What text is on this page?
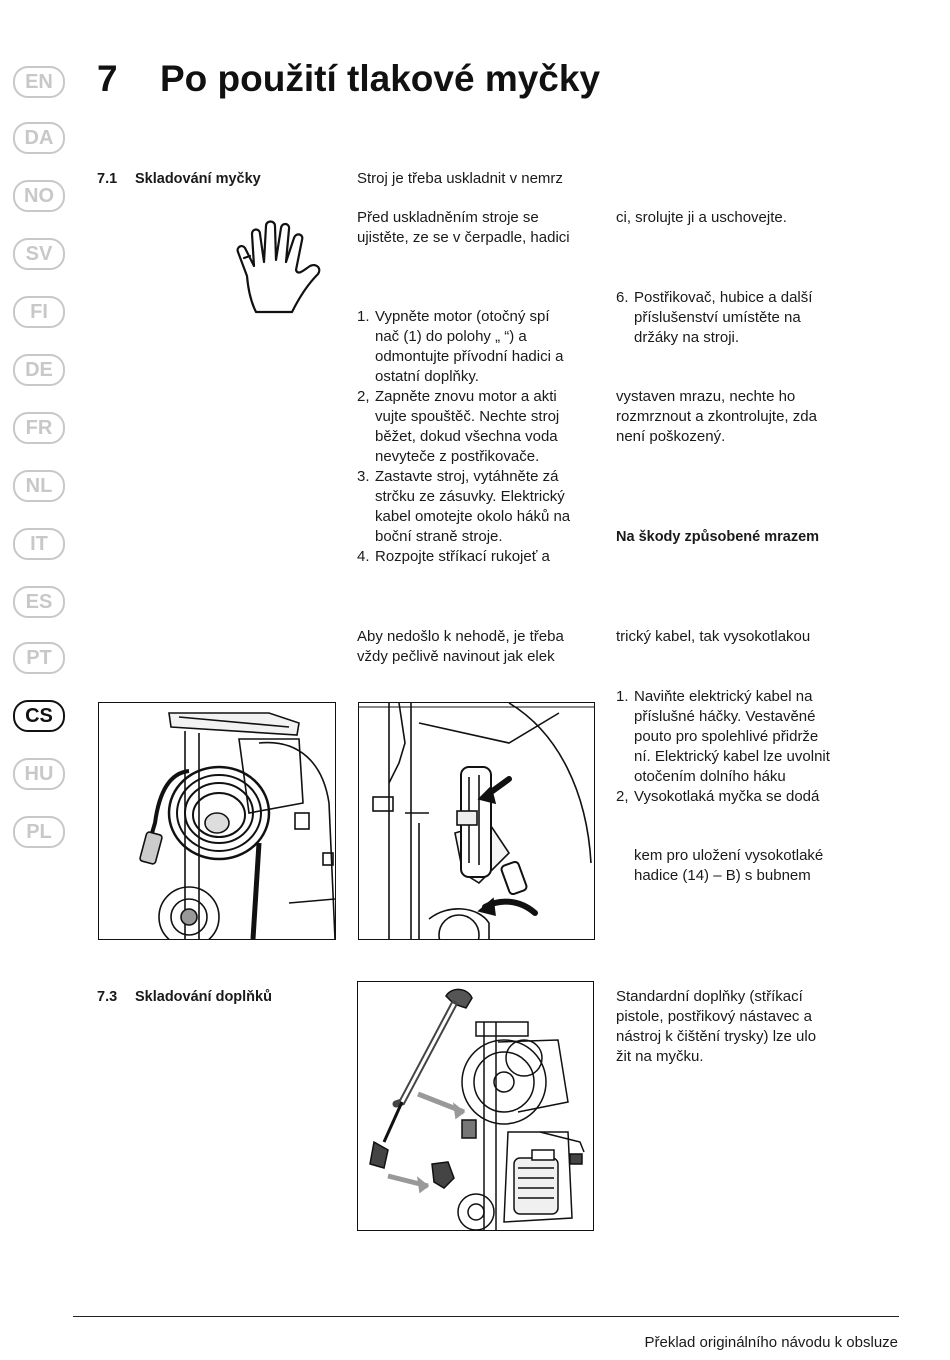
EN
DA
NO
SV
FI
DE
FR
NL
IT
ES
PT
CS
HU
PL
7 Po použití tlakové myčky
7.1 Skladování myčky	Stroj je třeba uskladnit v nemrz
Před uskladněním stroje se
ujistěte, ze se v čerpadle, hadici
ci, srolujte ji a uschovejte.
1. Vypněte motor (otočný spí
nač (1) do polohy „ “) a
odmontujte přívodní hadici a
ostatní doplňky.
2, Zapněte znovu motor a akti
vujte spouštěč. Nechte stroj
běžet, dokud všechna voda
nevyteče z postřikovače.
3. Zastavte stroj, vytáhněte zá
strčku ze zásuvky. Elektrický
kabel omotejte okolo háků na
boční straně stroje.
4. Rozpojte stříkací rukojeť a
6. Postřikovač, hubice a další
příslušenství umístěte na
držáky na stroji.
vystaven mrazu, nechte ho
rozmrznout a zkontrolujte, zda
není poškozený.
Na škody způsobené mrazem
Aby nedošlo k nehodě, je třeba
vždy pečlivě navinout jak elek
trický kabel, tak vysokotlakou
1. Naviňte elektrický kabel na
příslušné háčky. Vestavěné
pouto pro spolehlivé přidrže
ní. Elektrický kabel lze uvolnit
otočením dolního háku
2, Vysokotlaká myčka se dodá
kem pro uložení vysokotlaké
hadice (14) – B) s bubnem
7.3 Skladování doplňků	Standardní doplňky (stříkací
pistole, postřikový nástavec a
nástroj k čištění trysky) lze ulo
žit na myčku.
Překlad originálního návodu k obsluze
